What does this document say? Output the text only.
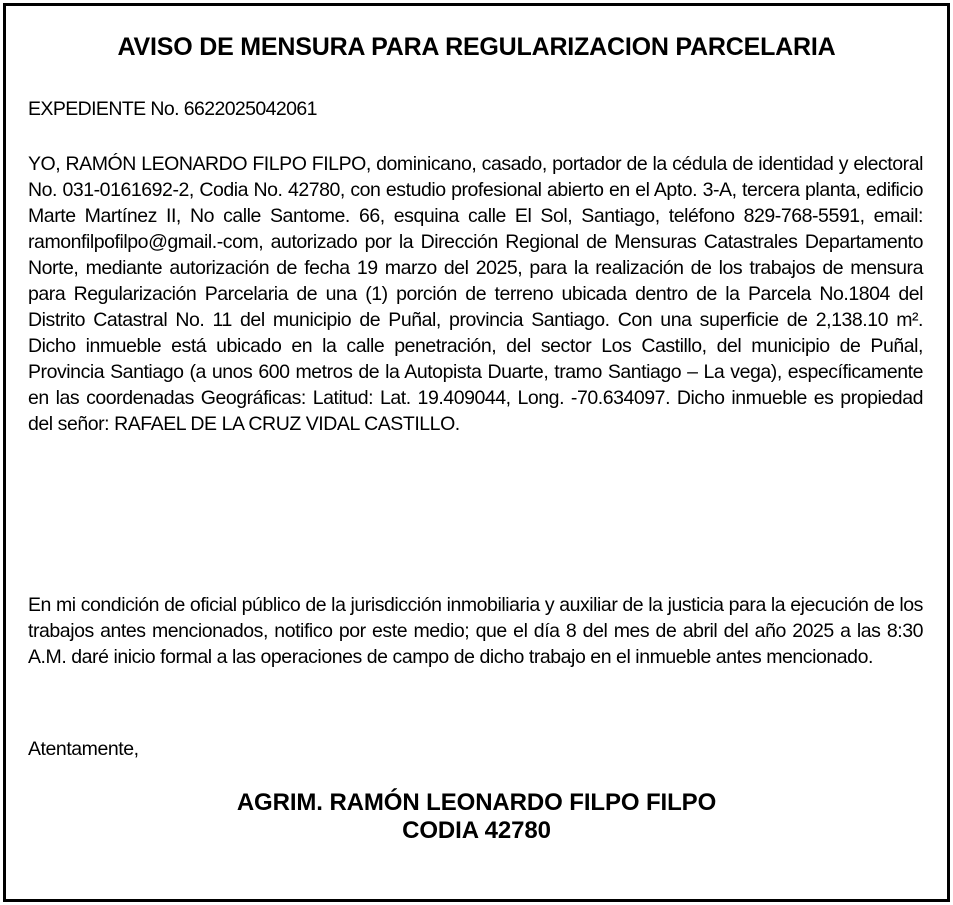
AVISO DE MENSURA PARA REGULARIZACION PARCELARIA
EXPEDIENTE No. 6622025042061

YO, RAMÓN LEONARDO FILPO FILPO, dominicano, casado, portador de la cédula de identidad y electoral No. 031-0161692-2, Codia No. 42780, con estudio profesional abierto en el Apto. 3-A, tercera planta, edificio Marte Martínez II, No calle Santome. 66, esquina calle El Sol, Santiago, teléfono 829-768-5591, email: ramonfilpofilpo@gmail.-com, autorizado por la Dirección Regional de Mensuras Catastrales Departamento Norte, mediante autorización de fecha 19 marzo del 2025, para la realización de los trabajos de mensura para Regularización Parcelaria de una (1) porción de terreno ubicada dentro de la Parcela No.1804 del Distrito Catastral No. 11 del municipio de Puñal, provincia Santiago. Con una superficie de 2,138.10 m². Dicho inmueble está ubicado en la calle penetración, del sector Los Castillo, del municipio de Puñal, Provincia Santiago (a unos 600 metros de la Autopista Duarte, tramo Santiago – La vega), específicamente en las coordenadas Geográficas: Latitud: Lat. 19.409044, Long. -70.634097. Dicho inmueble es propiedad del señor: RAFAEL DE LA CRUZ VIDAL CASTILLO.

En mi condición de oficial público de la jurisdicción inmobiliaria y auxiliar de la justicia para la ejecución de los trabajos antes mencionados, notifico por este medio; que el día 8 del mes de abril del año 2025 a las 8:30 A.M. daré inicio formal a las operaciones de campo de dicho trabajo en el inmueble antes mencionado.

Atentamente,
AGRIM. RAMÓN LEONARDO FILPO FILPO
CODIA 42780
